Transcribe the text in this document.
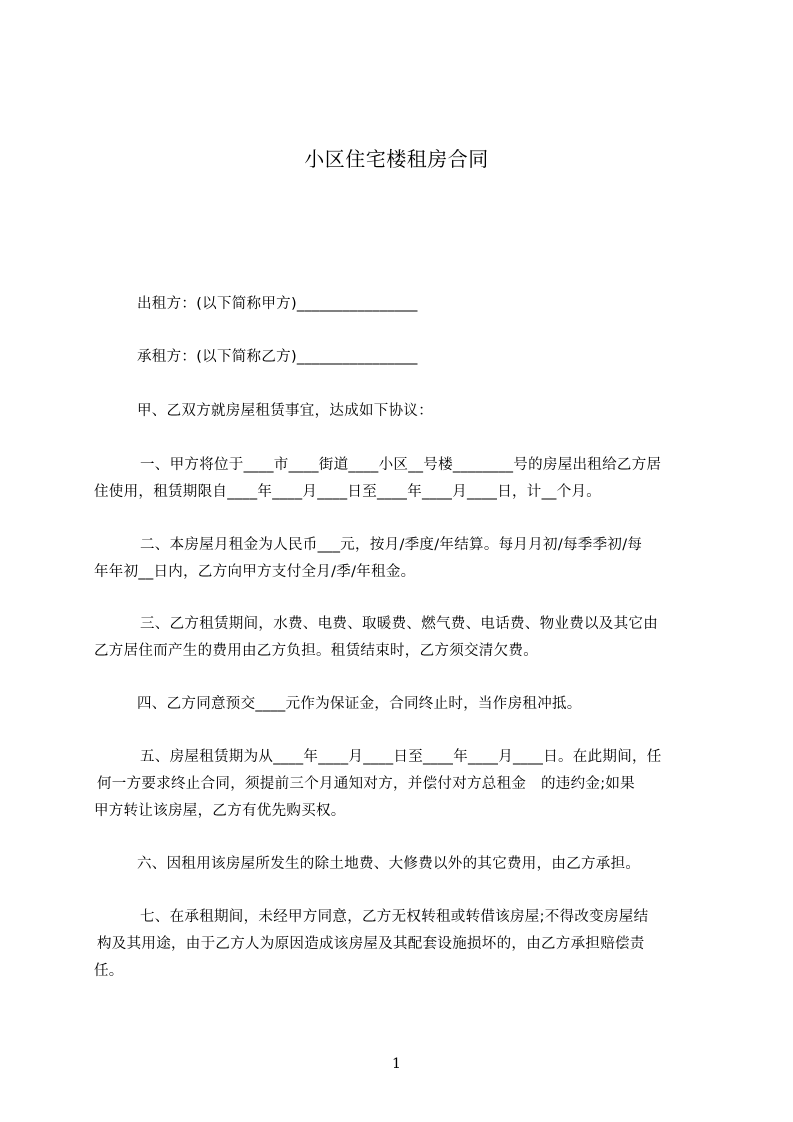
小区住宅楼租房合同
出租方：(以下简称甲方)________________
承租方：(以下简称乙方)________________
甲、乙双方就房屋租赁事宜，达成如下协议：
一、甲方将位于____市____街道____小区__号楼________号的房屋出租给乙方居
住使用，租赁期限自____年____月____日至____年____月____日，计__个月。
二、本房屋月租金为人民币___元，按月/季度/年结算。每月月初/每季季初/每
年年初__日内，乙方向甲方支付全月/季/年租金。
三、乙方租赁期间，水费、电费、取暖费、燃气费、电话费、物业费以及其它由
乙方居住而产生的费用由乙方负担。租赁结束时，乙方须交清欠费。
四、乙方同意预交____元作为保证金，合同终止时，当作房租冲抵。
五、房屋租赁期为从____年____月____日至____年____月____日。在此期间，任
何一方要求终止合同，须提前三个月通知对方，并偿付对方总租金　的违约金;如果
甲方转让该房屋，乙方有优先购买权。
六、因租用该房屋所发生的除土地费、大修费以外的其它费用，由乙方承担。
七、在承租期间，未经甲方同意，乙方无权转租或转借该房屋;不得改变房屋结
构及其用途，由于乙方人为原因造成该房屋及其配套设施损坏的，由乙方承担赔偿责
任。
1
